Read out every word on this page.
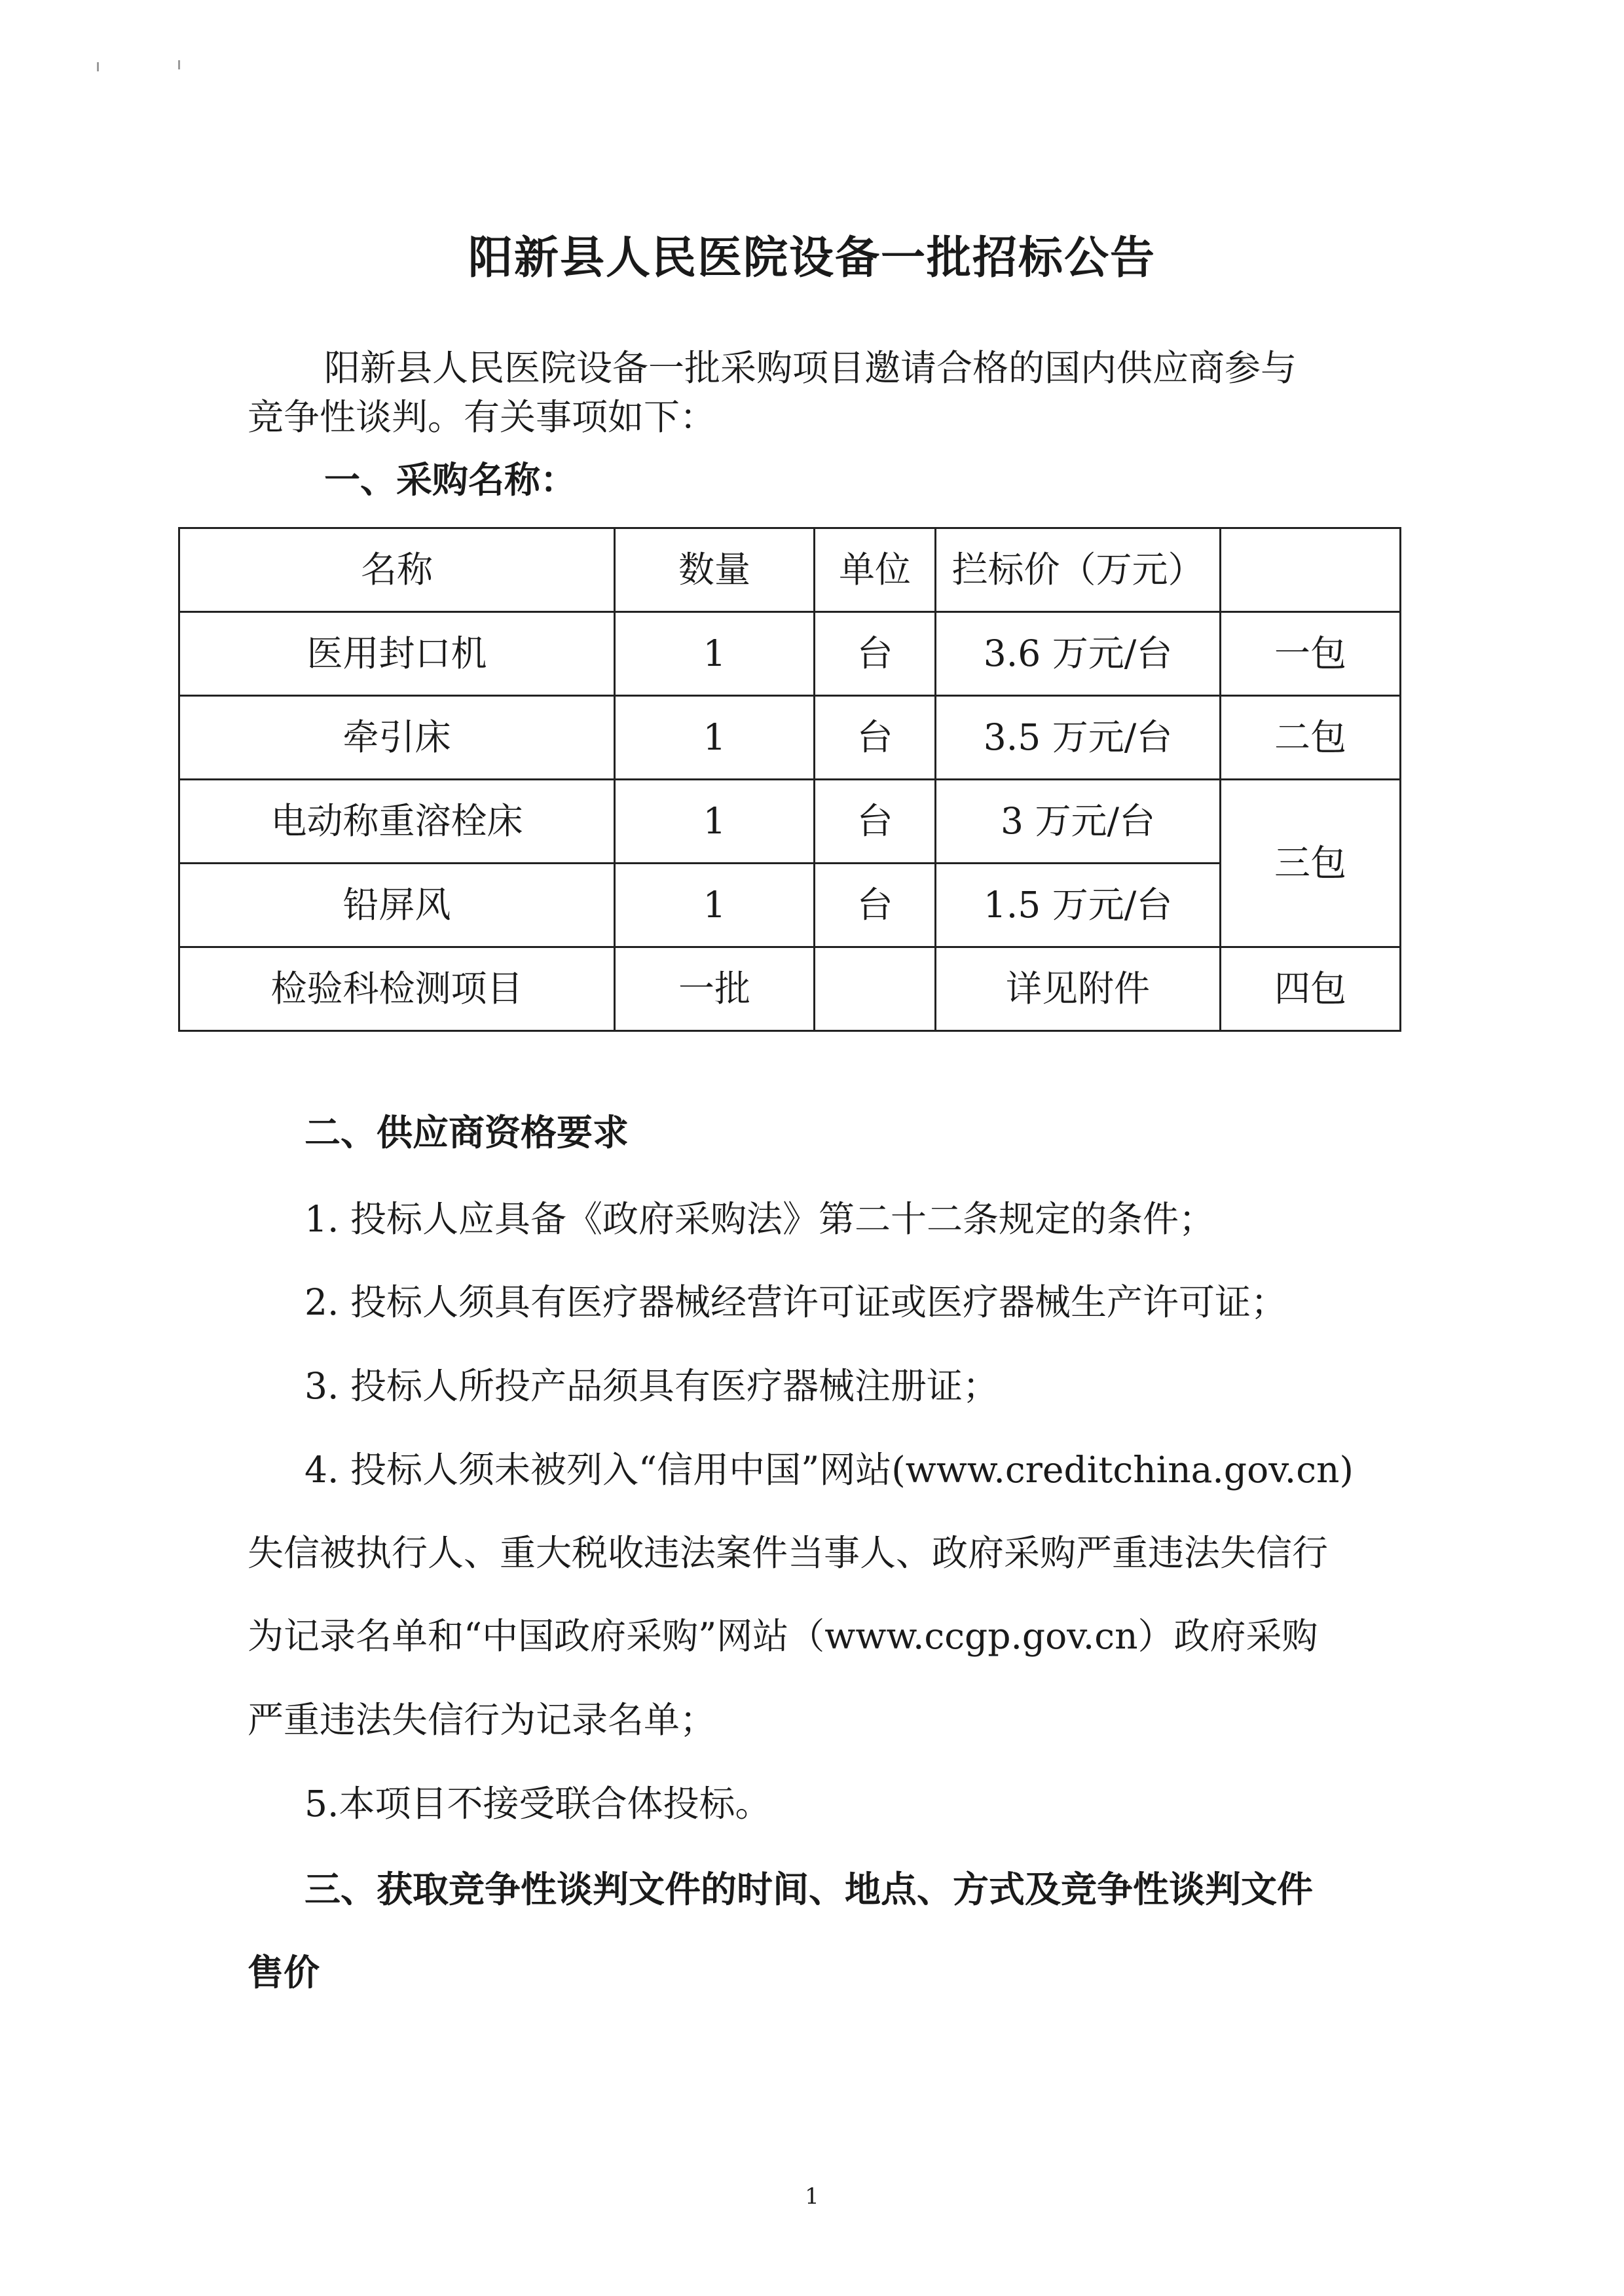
阳新县人民医院设备一批招标公告
阳新县人民医院设备一批采购项目邀请合格的国内供应商参与
竞争性谈判。有关事项如下：
一、采购名称：
名称	数量	单位	拦标价（万元）	
医用封口机	1	台	3.6 万元/台	一包
牵引床	1	台	3.5 万元/台	二包
电动称重溶栓床	1	台	3 万元/台	三包
铅屏风	1	台	1.5 万元/台	
检验科检测项目	一批		详见附件	四包
二、供应商资格要求
1. 投标人应具备《政府采购法》第二十二条规定的条件；
2. 投标人须具有医疗器械经营许可证或医疗器械生产许可证；
3. 投标人所投产品须具有医疗器械注册证；
4. 投标人须未被列入“信用中国”网站(www.creditchina.gov.cn)
失信被执行人、重大税收违法案件当事人、政府采购严重违法失信行
为记录名单和“中国政府采购”网站（www.ccgp.gov.cn）政府采购
严重违法失信行为记录名单；
5.本项目不接受联合体投标。
三、获取竞争性谈判文件的时间、地点、方式及竞争性谈判文件
售价
1
